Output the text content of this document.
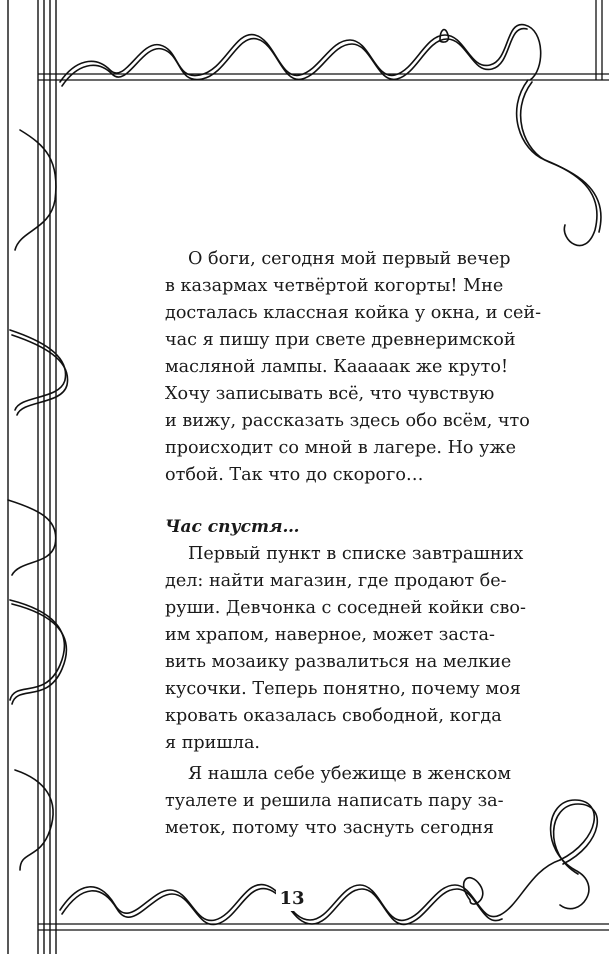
О боги, сегодня мой первый вечер
в казармах четвёртой когорты! Мне
досталась классная койка у окна, и сей-
час я пишу при свете древнеримской
масляной лампы. Кааааак же круто!
Хочу записывать всё, что чувствую
и вижу, рассказать здесь обо всём, что
происходит со мной в лагере. Но уже
отбой. Так что до скорого…

Час спустя…

Первый пункт в списке завтрашних
дел: найти магазин, где продают бе-
руши. Девчонка с соседней койки сво-
им храпом, наверное, может застa-
вить мозаику развалиться на мелкие
кусочки. Теперь понятно, почему моя
кровать оказалась свободной, когда
я пришла.
Я нашла себе убежище в женском
туалете и решила написать пару за-
меток, потому что заснуть сегодня
13
